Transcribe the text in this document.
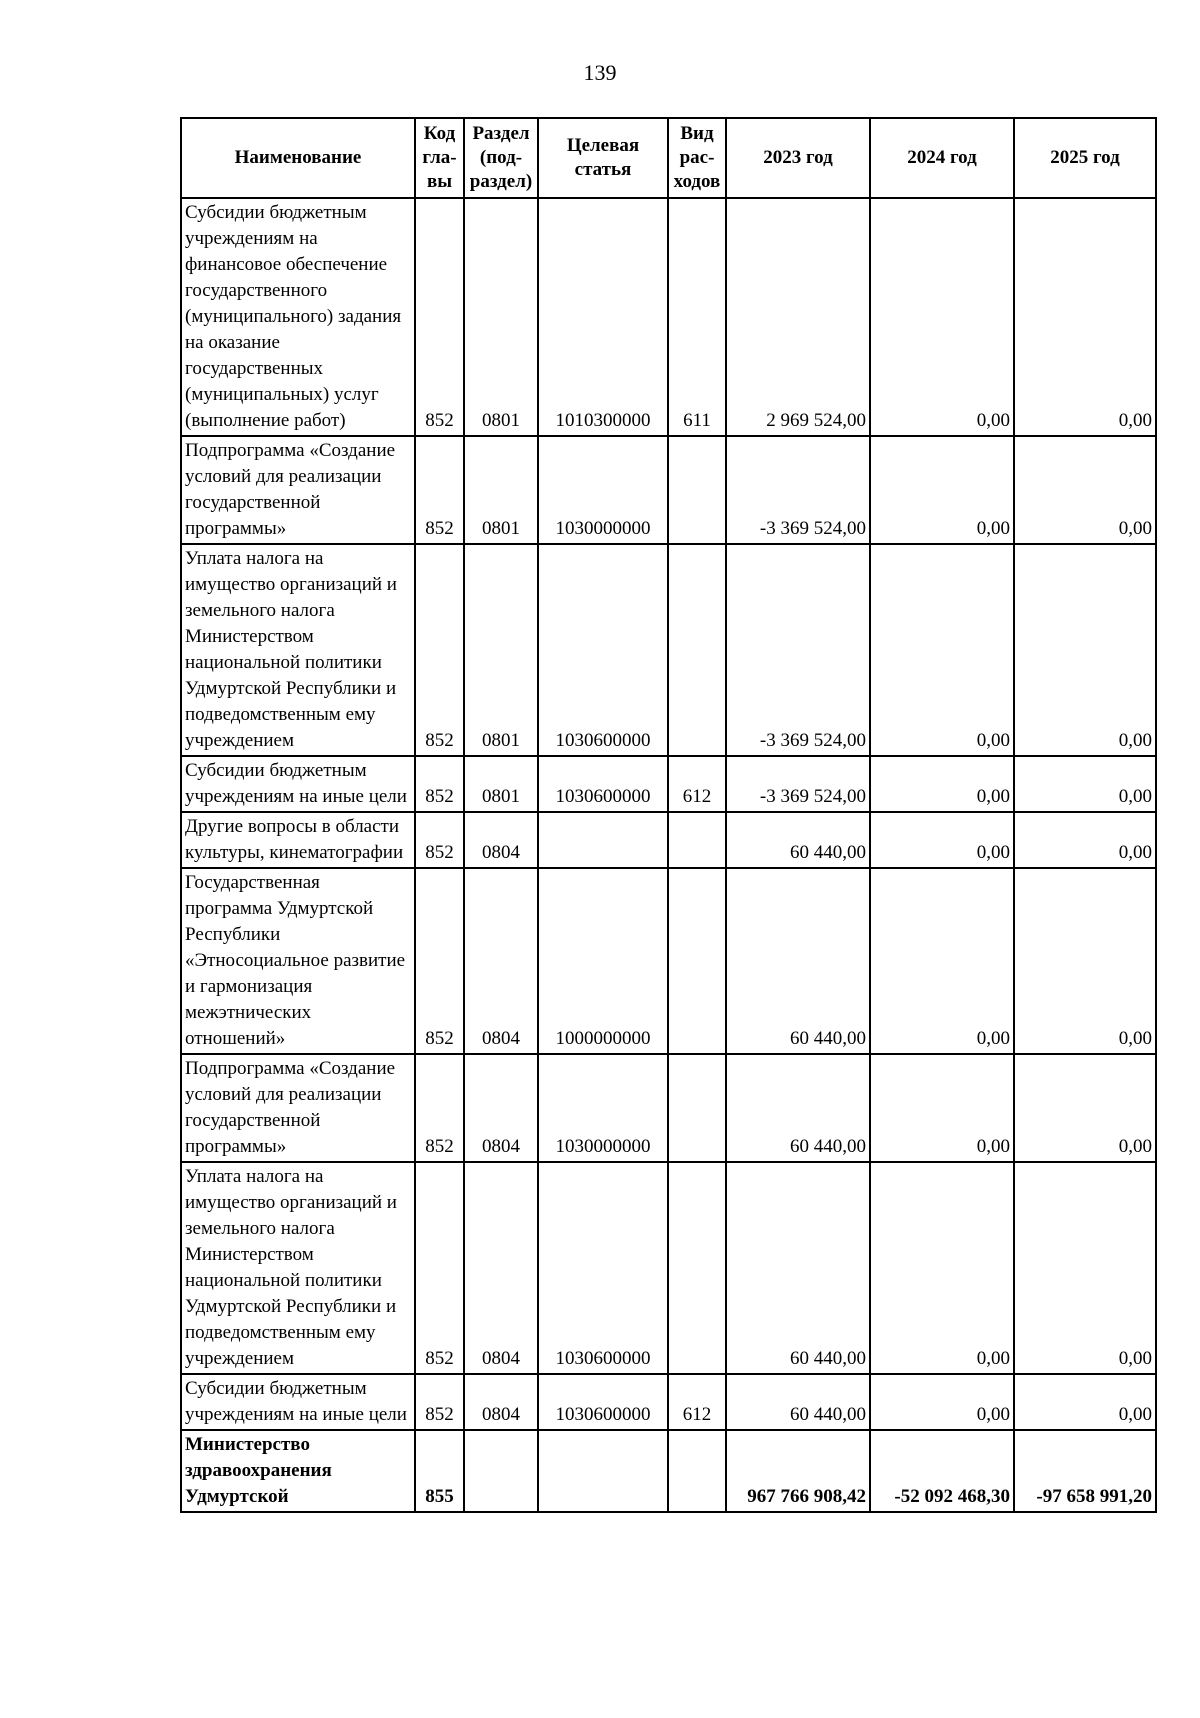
139
Наименование	Код гла-вы	Раздел (под-раздел)	Целевая статья	Вид рас-ходов	2023 год	2024 год	2025 год
Субсидии бюджетным учреждениям на финансовое обеспечение государственного (муниципального) задания на оказание государственных (муниципальных) услуг (выполнение работ)	852	0801	1010300000	611	2 969 524,00	0,00	0,00
Подпрограмма «Создание условий для реализации государственной программы»	852	0801	1030000000		-3 369 524,00	0,00	0,00
Уплата налога на имущество организаций и земельного налога Министерством национальной политики Удмуртской Республики и подведомственным ему учреждением	852	0801	1030600000		-3 369 524,00	0,00	0,00
Субсидии бюджетным учреждениям на иные цели	852	0801	1030600000	612	-3 369 524,00	0,00	0,00
Другие вопросы в области культуры, кинематографии	852	0804			60 440,00	0,00	0,00
Государственная программа Удмуртской Республики «Этносоциальное развитие и гармонизация межэтнических отношений»	852	0804	1000000000		60 440,00	0,00	0,00
Подпрограмма «Создание условий для реализации государственной программы»	852	0804	1030000000		60 440,00	0,00	0,00
Уплата налога на имущество организаций и земельного налога Министерством национальной политики Удмуртской Республики и подведомственным ему учреждением	852	0804	1030600000		60 440,00	0,00	0,00
Субсидии бюджетным учреждениям на иные цели	852	0804	1030600000	612	60 440,00	0,00	0,00
Министерство здравоохранения Удмуртской	855				967 766 908,42	-52 092 468,30	-97 658 991,20
